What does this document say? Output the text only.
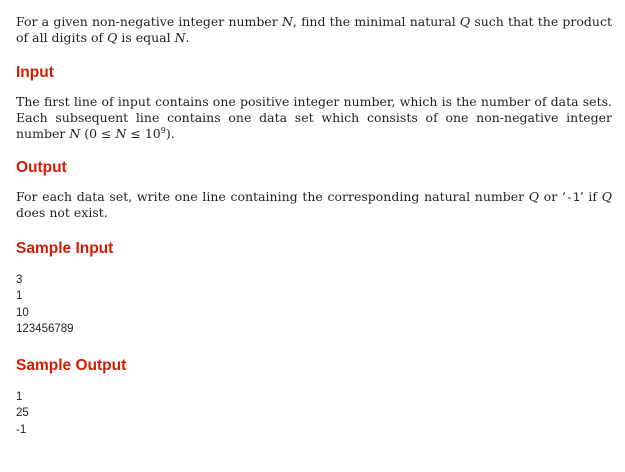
For a given non-negative integer number N, find the minimal natural Q such that the product of all digits of Q is equal N.

Input

The first line of input contains one positive integer number, which is the number of data sets. Each subsequent line contains one data set which consists of one non-negative integer number N $(0 \le N \le 10^9)$.

Output

For each data set, write one line containing the corresponding natural number Q or ‘-1’ if Q does not exist.

Sample Input
3
1
10
123456789
Sample Output
1
25
-1
